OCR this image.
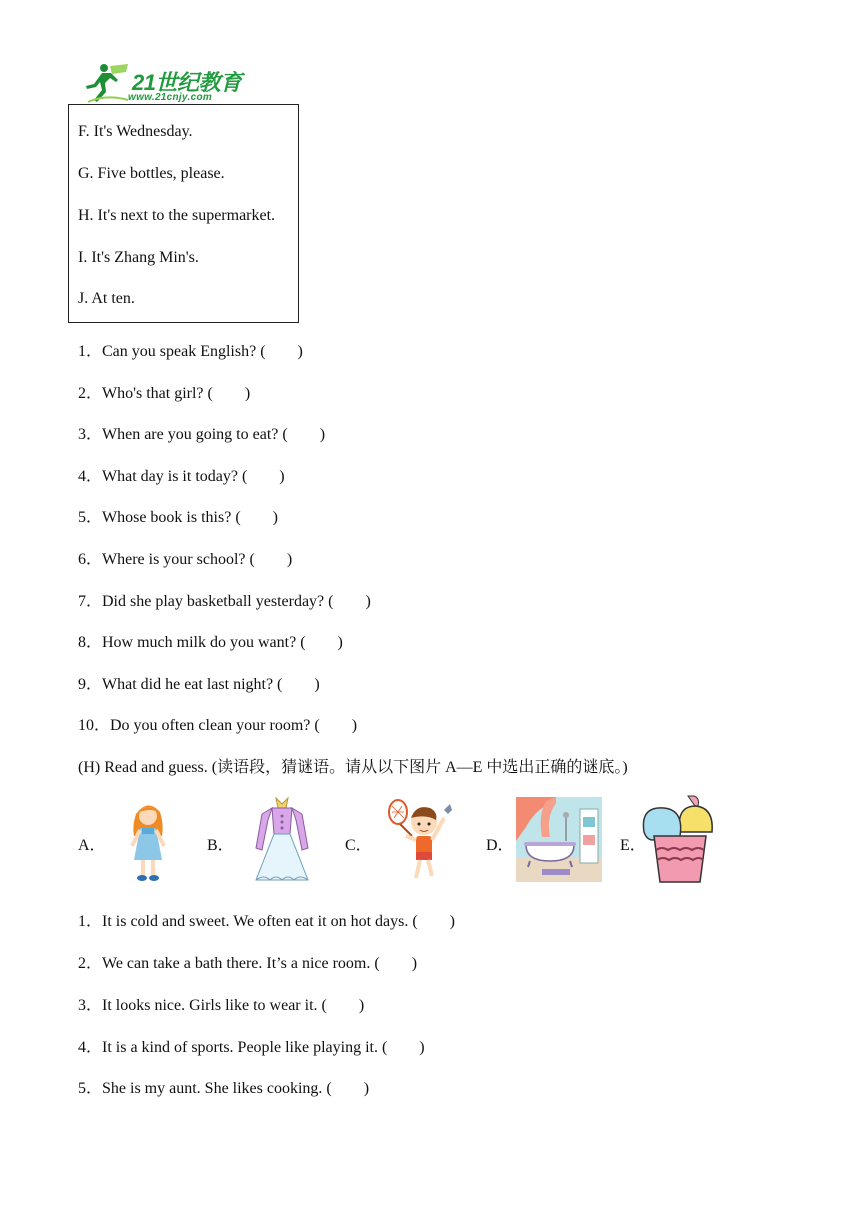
21世纪教育
www.21cnjy.com
F. It's Wednesday.
G. Five bottles, please.
H. It's next to the supermarket.
I. It's Zhang Min's.
J. At ten.
1．Can you speak English? (　　)
2．Who's that girl? (　　)
3．When are you going to eat? (　　)
4．What day is it today? (　　)
5．Whose book is this? (　　)
6．Where is your school? (　　)
7．Did she play basketball yesterday? (　　)
8．How much milk do you want? (　　)
9．What did he eat last night? (　　)
10．Do you often clean your room? (　　)
(H) Read and guess. (读语段，猜谜语。请从以下图片 A—E 中选出正确的谜底。)
A．	B．	C．	D．	E．
1．It is cold and sweet. We often eat it on hot days. (　　)
2．We can take a bath there. It’s a nice room. (　　)
3．It looks nice. Girls like to wear it. (　　)
4．It is a kind of sports. People like playing it. (　　)
5．She is my aunt. She likes cooking. (　　)
